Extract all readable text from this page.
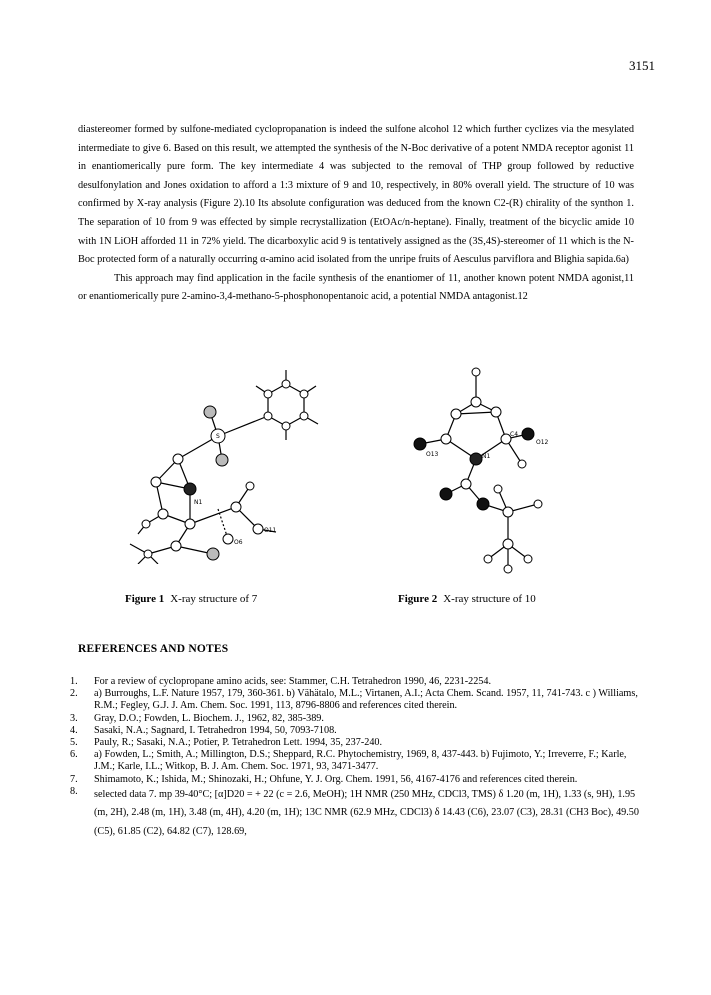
3151

diastereomer formed by sulfone-mediated cyclopropanation is indeed the sulfone alcohol 12 which further cyclizes via the mesylated intermediate to give 6. Based on this result, we attempted the synthesis of the N-Boc derivative of a potent NMDA receptor agonist 11 in enantiomerically pure form. The key intermediate 4 was subjected to the removal of THP group followed by reductive desulfonylation and Jones oxidation to afford a 1:3 mixture of 9 and 10, respectively, in 80% overall yield. The structure of 10 was confirmed by X-ray analysis (Figure 2).10 Its absolute configuration was deduced from the known C2-(R) chirality of the synthon 1. The separation of 10 from 9 was effected by simple recrystallization (EtOAc/n-heptane). Finally, treatment of the bicyclic amide 10 with 1N LiOH afforded 11 in 72% yield. The dicarboxylic acid 9 is tentatively assigned as the (3S,4S)-stereomer of 11 which is the N-Boc protected form of a naturally occurring α-amino acid isolated from the unripe fruits of Aesculus parviflora and Blighia sapida.6a)

This approach may find application in the facile synthesis of the enantiomer of 11, another known potent NMDA agonist,11 or enantiomerically pure 2-amino-3,4-methano-5-phosphonopentanoic acid, a potential NMDA antagonist.12

N1
O11
O6
S
N1
O13
O12
C4
Figure 1 X-ray structure of 7	Figure 2 X-ray structure of 10
REFERENCES AND NOTES
1.	For a review of cyclopropane amino acids, see: Stammer, C.H. Tetrahedron 1990, 46, 2231-2254.
2.	a) Burroughs, L.F. Nature 1957, 179, 360-361. b) Vähätalo, M.L.; Virtanen, A.I.; Acta Chem. Scand. 1957, 11, 741-743. c ) Williams, R.M.; Fegley, G.J. J. Am. Chem. Soc. 1991, 113, 8796-8806 and references cited therein.
3.	Gray, D.O.; Fowden, L. Biochem. J., 1962, 82, 385-389.
4.	Sasaki, N.A.; Sagnard, I. Tetrahedron 1994, 50, 7093-7108.
5.	Pauly, R.; Sasaki, N.A.; Potier, P. Tetrahedron Lett. 1994, 35, 237-240.
6.	a) Fowden, L.; Smith, A.; Millington, D.S.; Sheppard, R.C. Phytochemistry, 1969, 8, 437-443. b) Fujimoto, Y.; Irreverre, F.; Karle, J.M.; Karle, I.L.; Witkop, B. J. Am. Chem. Soc. 1971, 93, 3471-3477.
7.	Shimamoto, K.; Ishida, M.; Shinozaki, H.; Ohfune, Y. J. Org. Chem. 1991, 56, 4167-4176 and references cited therein.
8.	selected data 7. mp 39-40°C; [α]D20 = + 22 (c = 2.6, MeOH); 1H NMR (250 MHz, CDCl3, TMS) δ 1.20 (m, 1H), 1.33 (s, 9H), 1.95 (m, 2H), 2.48 (m, 1H), 3.48 (m, 4H), 4.20 (m, 1H); 13C NMR (62.9 MHz, CDCl3) δ 14.43 (C6), 23.07 (C3), 28.31 (CH3 Boc), 49.50 (C5), 61.85 (C2), 64.82 (C7), 128.69,
